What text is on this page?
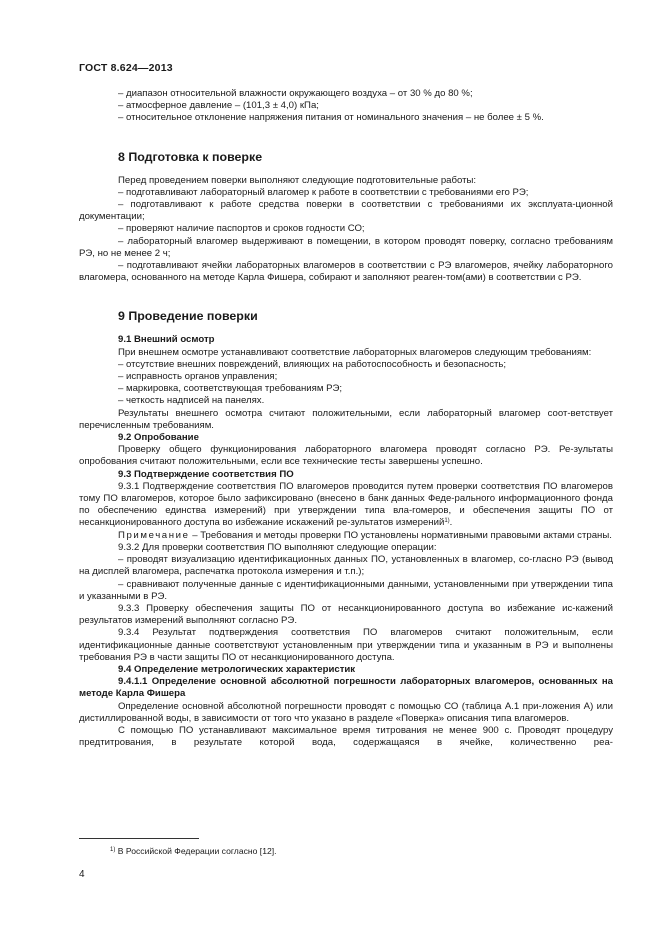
ГОСТ 8.624—2013

– диапазон относительной влажности окружающего воздуха – от 30 % до 80 %;

– атмосферное давление – (101,3 ± 4,0) кПа;

– относительное отклонение напряжения питания от номинального значения – не более ± 5 %.

8 Подготовка к поверке

Перед проведением поверки выполняют следующие подготовительные работы:

– подготавливают лабораторный влагомер к работе в соответствии с требованиями его РЭ;

– подготавливают к работе средства поверки в соответствии с требованиями их эксплуата-ционной документации;

– проверяют наличие паспортов и сроков годности СО;

– лабораторный влагомер выдерживают в помещении, в котором проводят поверку, согласно требованиям РЭ, но не менее 2 ч;

– подготавливают ячейки лабораторных влагомеров в соответствии с РЭ влагомеров, ячейку лабораторного влагомера, основанного на методе Карла Фишера, собирают и заполняют реаген-том(ами) в соответствии с РЭ.

9 Проведение поверки

9.1 Внешний осмотр

При внешнем осмотре устанавливают соответствие лабораторных влагомеров следующим требованиям:

– отсутствие внешних повреждений, влияющих на работоспособность и безопасность;

– исправность органов управления;

– маркировка, соответствующая требованиям РЭ;

– четкость надписей на панелях.

Результаты внешнего осмотра считают положительными, если лабораторный влагомер соот-ветствует перечисленным требованиям.

9.2 Опробование

Проверку общего функционирования лабораторного влагомера проводят согласно РЭ. Ре-зультаты опробования считают положительными, если все технические тесты завершены успешно.

9.3 Подтверждение соответствия ПО

9.3.1 Подтверждение соответствия ПО влагомеров проводится путем проверки соответствия ПО влагомеров тому ПО влагомеров, которое было зафиксировано (внесено в банк данных Феде-рального информационного фонда по обеспечению единства измерений) при утверждении типа вла-гомеров, и обеспечения защиты ПО от несанкционированного доступа во избежание искажений ре-зультатов измерений$^{1)}$.

Примечание – Требования и методы проверки ПО установлены нормативными правовыми актами страны.

9.3.2 Для проверки соответствия ПО выполняют следующие операции:

– проводят визуализацию идентификационных данных ПО, установленных в влагомер, со-гласно РЭ (вывод на дисплей влагомера, распечатка протокола измерения и т.п.);

– сравнивают полученные данные с идентификационными данными, установленными при утверждении типа и указанными в РЭ.

9.3.3 Проверку обеспечения защиты ПО от несанкционированного доступа во избежание ис-кажений результатов измерений выполняют согласно РЭ.

9.3.4 Результат подтверждения соответствия ПО влагомеров считают положительным, если идентификационные данные соответствуют установленным при утверждении типа и указанным в РЭ и выполнены требования РЭ в части защиты ПО от несанкционированного доступа.

9.4 Определение метрологических характеристик

9.4.1.1 Определение основной абсолютной погрешности лабораторных влагомеров, основанных на методе Карла Фишера

Определение основной абсолютной погрешности проводят с помощью СО (таблица А.1 при-ложения А) или дистиллированной воды, в зависимости от того что указано в разделе «Поверка» описания типа влагомеров.

С помощью ПО устанавливают максимальное время титрования не менее 900 с. Проводят процедуру предтитрования, в результате которой вода, содержащаяся в ячейке, количественно реа-

$^{1)}$ В Российской Федерации согласно [12].
4
